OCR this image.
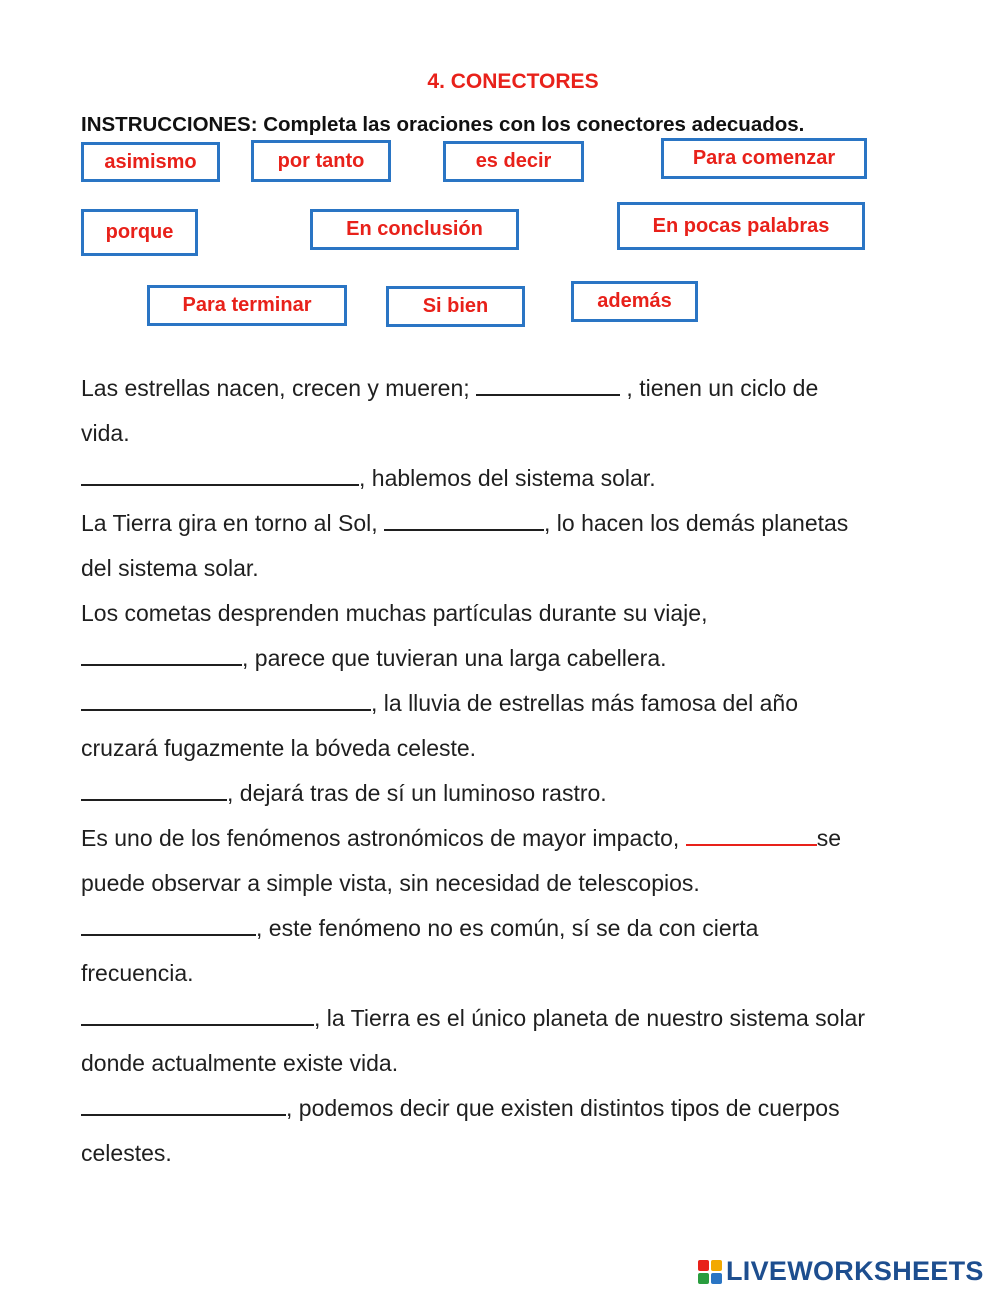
4. CONECTORES
INSTRUCCIONES: Completa las oraciones con los conectores adecuados.
asimismo	por tanto	es decir	Para comenzar
porque	En conclusión	En pocas palabras
Para terminar	Si bien	además
Las estrellas nacen, crecen y mueren;	, tienen un ciclo de
vida.
, hablemos del sistema solar.
La Tierra gira en torno al Sol,	, lo hacen los demás planetas
del sistema solar.
Los cometas desprenden muchas partículas durante su viaje,
, parece que tuvieran una larga cabellera.
, la lluvia de estrellas más famosa del año
cruzará fugazmente la bóveda celeste.
, dejará tras de sí un luminoso rastro.
Es uno de los fenómenos astronómicos de mayor impacto,	se
puede observar a simple vista, sin necesidad de telescopios.
, este fenómeno no es común, sí se da con cierta
frecuencia.
, la Tierra es el único planeta de nuestro sistema solar
donde actualmente existe vida.
, podemos decir que existen distintos tipos de cuerpos
celestes.
LIVEWORKSHEETS
